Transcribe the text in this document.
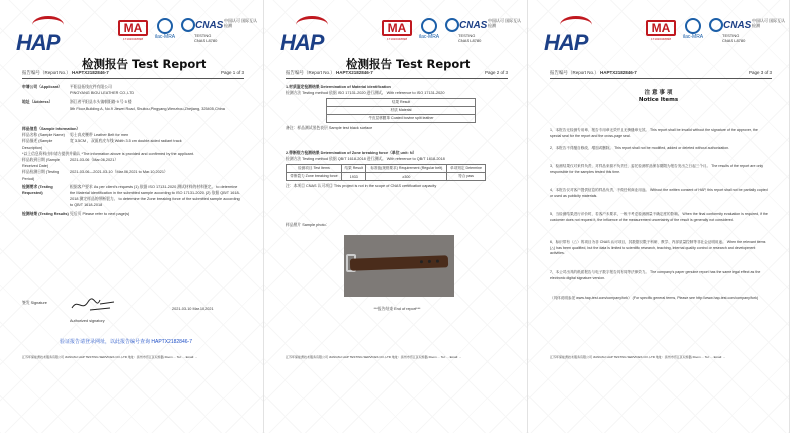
HAP
MA
171020348998	ilac-MRA
CNAS
TESTING CNAS L8780
中国认可 国际互认 检测
检测报告 Test Report
报告编号（Report No.） HAPTX2182846-7	Page 1 of 3
申请公司（Applicant） 平阳县拓线皮件有限公司
PINGYANG BIGU LEATHER CO.,LTD
地址（Address）	浙江省平阳县水头镇朝阳路 9 号 5 楼
5th Floor,Building A, No.9 Jiewei Road, Shuitou,Pingyang,Wenzhou,Zhejiang, 325405,China
样品信息（Sample Information）
样品名称 (Sample Name) 男士真皮腰带 Leather Belt for men
样品描述 (Sample Description)宽 3.5CM ，双面底皮车线 Width 3.5 cm double-sided radiant track
*以上信息资料由申请方提供并确认 *The information above is provided and confirmed by the applicant.
样品收到日期 (Sample Received Date)2021-03-06（Mar.06,2021）
样品检测日期 (Testing Period)2021-03-06—2021-03-10（Mar.06,2021 to Mar.10,2021）
检测要求 (Testing Requested)根据客户要求 As per client's requests (1) 依据 ISO 17131-2020 测试材料的材料鉴定。 to determine the Material identification in the submitted sample according to ISO 17131-2020. (2) 依据 QB/T 1618-2018 测定样品的带断裂力。 to determine the Zone breaking force of the submitted sample according to QB/T 1618-2018
检测结果 (Testing Results)见后页 Please refer to next page(s)
签发 Signature
Authorized signatory
2021-03-10 Mar.10,2021
验证报告请登录网址，以此报告编号查询 HAPTX2182846-7
江苏环保能源技术服务有限公司 JIANGSU HAP TESTING SERVICES CO.,LTD 地址：扬州市邗江区双桥路 Room ... Tel: ... Email: ...
HAP
MA
171020348998	ilac-MRA
CNAS
TESTING CNAS L8780
中国认可 国际互认 检测
检测报告 Test Report
报告编号（Report No.） HAPTX2182846-7	Page 2 of 3
1.材质鉴定检测结果 Determination of Material identification
检测方法 Testing method 依据 ISO 17131-2020 进行测试。 With reference to ISO 17131-2020
结果 Result
材质 Material
牛皮层移膜革 Coated bovine split leather
备注：样品测试黑色表层 Sample test black surface
2.带断裂力检测结果 Determination of Zone breaking force（单位 unit: N）
检测方法 Testing method 依据 QB/T 1618-2018 进行测试。 With reference to QB/T 1618-2018
检测项目 Test Items	结果 Result	标准值(规格要求) Requirement (Regular belt)	单项判定 Determine
带断裂力 Zone breaking force	1933	≥300	符合 pass
注：本项目 CNAS 认可项目 This project is not in the scope of CNAS certification capacity
样品照片 Sample photo：
***报告结束 End of report***
江苏环保能源技术服务有限公司 JIANGSU HAP TESTING SERVICES CO.,LTD 地址：扬州市邗江区双桥路 Room ... Tel: ... Email: ...
HAP
MA
171020348998	ilac-MRA
CNAS
TESTING CNAS L8780
中国认可 国际互认 检测
报告编号（Report No.） HAPTX2182846-7	Page 3 of 3
注 意 事 项
Notice Items
1、本报告无检测专用章、报告专用章无效并且无骑缝章无效。 This report shall be invalid without the signature of the approver, the special seal for the report and the cross-page seal.
2、本报告不得擅自修改、增加或删除。 This report shall not be modified, added or deleted without authorization.
3、检测结果仅对来样负责，对样品来源不负责任，委托检测样品保存期限为报告发出之日起三个月。 The results of the report are only responsible for the samples tested this time.
4、本报告仅对客户提供信息的样品负责，不做任何商业用途。 Without the written consent of HAP, this report shall not be partially copied or used as publicity materials.
5、当检测结果进行评价时，若客户未要求，一般不考虑检测测量不确定度的影响。 When the final conformity evaluation is required, if the customer does not request it, the influence of the measurement uncertainty of the result is generally not considered.
6、标识带有（△）的项目为非 CNAS 认可项目，其数据仅限于科研、教学、内部质量控制等非社会证明用途。 When the relevant items (△) has been qualified, but the data is limited to scientific research, teaching, internal quality control or research and development activities.
7、本公司出具的纸质报告与电子数字报告具有同等法律效力。 The company's paper genuine report has the same legal effect as the electronic digital signature version.
（具体说明参见 www.hap-test.com/company/fork） (For specific general terms, Please see http://www.hap-test.com/company/fork)
江苏环保能源技术服务有限公司 JIANGSU HAP TESTING SERVICES CO.,LTD 地址：扬州市邗江区双桥路 Room ... Tel: ... Email: ...
